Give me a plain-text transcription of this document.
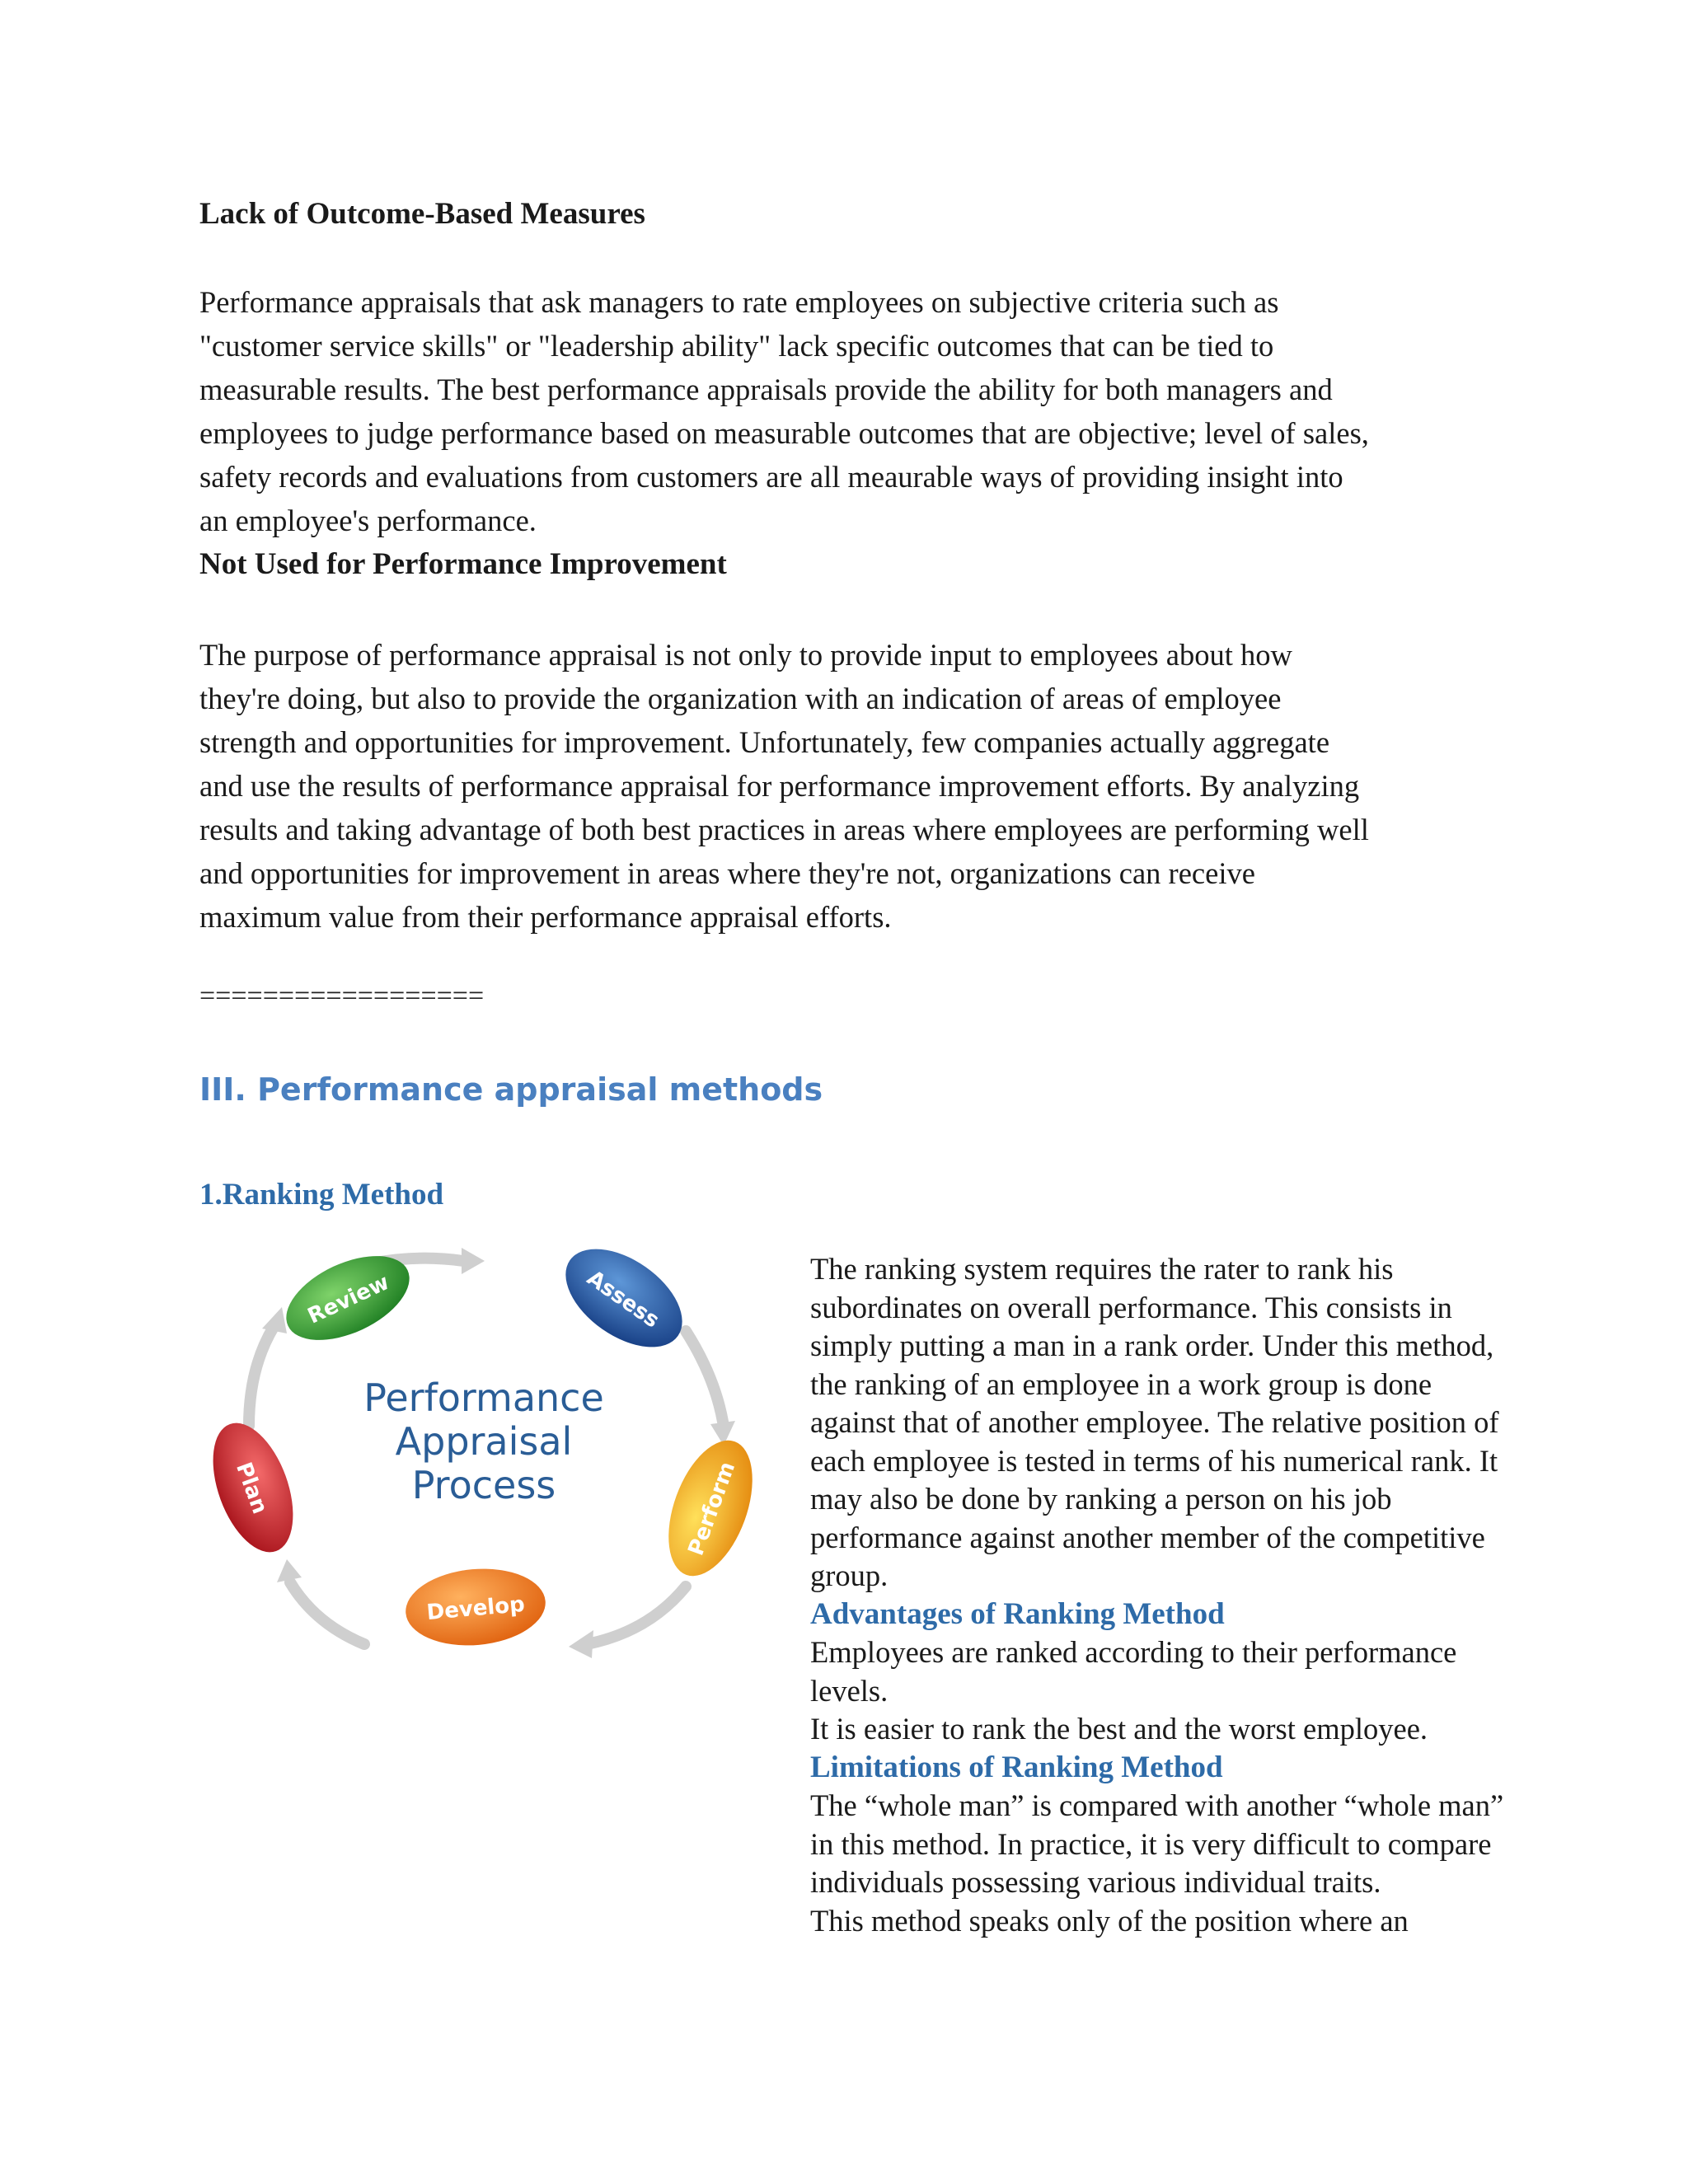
Lack of Outcome-Based Measures
Performance appraisals that ask managers to rate employees on subjective criteria such as
"customer service skills" or "leadership ability" lack specific outcomes that can be tied to
measurable results. The best performance appraisals provide the ability for both managers and
employees to judge performance based on measurable outcomes that are objective; level of sales,
safety records and evaluations from customers are all meaurable ways of providing insight into
an employee's performance.
Not Used for Performance Improvement
The purpose of performance appraisal is not only to provide input to employees about how
they're doing, but also to provide the organization with an indication of areas of employee
strength and opportunities for improvement. Unfortunately, few companies actually aggregate
and use the results of performance appraisal for performance improvement efforts. By analyzing
results and taking advantage of both best practices in areas where employees are performing well
and opportunities for improvement in areas where they're not, organizations can receive
maximum value from their performance appraisal efforts.
==================
III. Performance appraisal methods
1.Ranking Method
Review	Assess
Plan	Perform
Develop
Performance
Appraisal
Process
The ranking system requires the rater to rank his
subordinates on overall performance. This consists in
simply putting a man in a rank order. Under this method,
the ranking of an employee in a work group is done
against that of another employee. The relative position of
each employee is tested in terms of his numerical rank. It
may also be done by ranking a person on his job
performance against another member of the competitive
group.
Advantages of Ranking Method
Employees are ranked according to their performance
levels.
It is easier to rank the best and the worst employee.
Limitations of Ranking Method
The “whole man” is compared with another “whole man”
in this method. In practice, it is very difficult to compare
individuals possessing various individual traits.
This method speaks only of the position where an
